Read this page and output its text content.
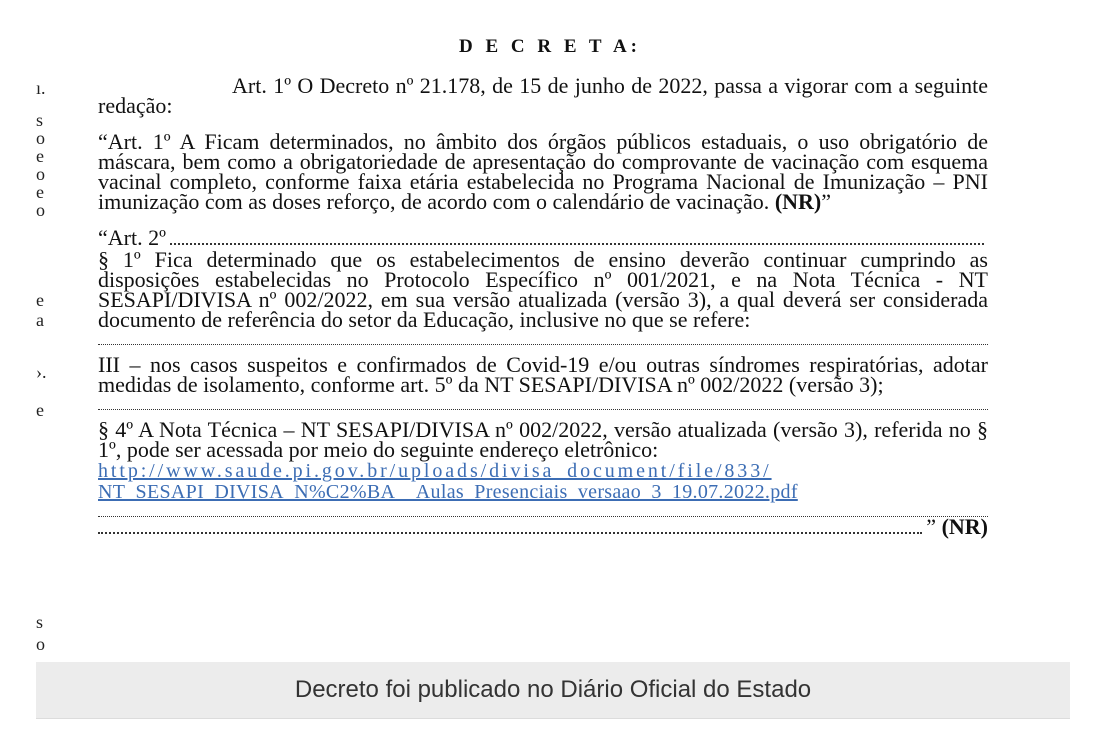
D E C R E T A:
ı.
s
o
e
o
e
o
e
a
›.
e
s
o

Art. 1º O Decreto nº 21.178, de 15 de junho de 2022, passa a vigorar com a seguinte redação:

“Art. 1º A Ficam determinados, no âmbito dos órgãos públicos estaduais, o uso obrigatório de máscara, bem como a obrigatoriedade de apresentação do comprovante de vacinação com esquema vacinal completo, conforme faixa etária estabelecida no Programa Nacional de Imunização – PNI imunização com as doses reforço, de acordo com o calendário de vacinação. (NR)”

“Art. 2º

§ 1º Fica determinado que os estabelecimentos de ensino deverão continuar cumprindo as disposições estabelecidas no Protocolo Específico nº 001/2021, e na Nota Técnica - NT SESAPI/DIVISA nº 002/2022, em sua versão atualizada (versão 3), a qual deverá ser considerada documento de referência do setor da Educação, inclusive no que se refere:

III – nos casos suspeitos e confirmados de Covid-19 e/ou outras síndromes respiratórias, adotar medidas de isolamento, conforme art. 5º da NT SESAPI/DIVISA nº 002/2022 (versão 3);

§ 4º A Nota Técnica – NT SESAPI/DIVISA nº 002/2022, versão atualizada (versão 3), referida no § 1º, pode ser acessada por meio do seguinte endereço eletrônico:

http://www.saude.pi.gov.br/uploads/divisa_document/file/833/
NT_SESAPI_DIVISA_N%C2%BA__Aulas_Presenciais_versaao_3_19.07.2022.pdf
”
(NR)
Decreto foi publicado no Diário Oficial do Estado
